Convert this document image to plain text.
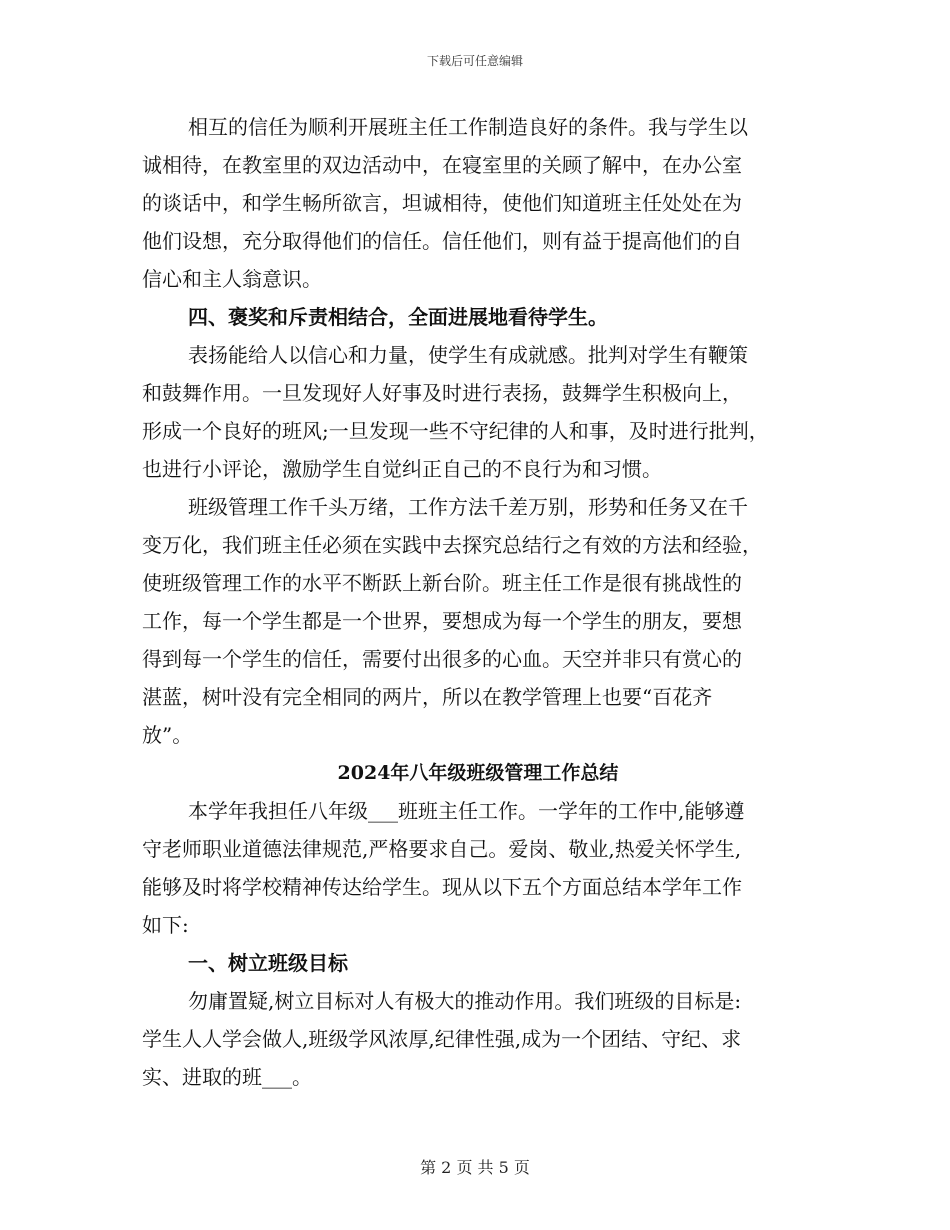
下载后可任意编辑
相互的信任为顺利开展班主任工作制造良好的条件。我与学生以
诚相待，在教室里的双边活动中，在寝室里的关顾了解中，在办公室
的谈话中，和学生畅所欲言，坦诚相待，使他们知道班主任处处在为
他们设想，充分取得他们的信任。信任他们，则有益于提高他们的自
信心和主人翁意识。
四、褒奖和斥责相结合，全面进展地看待学生。
表扬能给人以信心和力量，使学生有成就感。批判对学生有鞭策
和鼓舞作用。一旦发现好人好事及时进行表扬，鼓舞学生积极向上，
形成一个良好的班风;一旦发现一些不守纪律的人和事，及时进行批判，
也进行小评论，激励学生自觉纠正自己的不良行为和习惯。
班级管理工作千头万绪，工作方法千差万别，形势和任务又在千
变万化，我们班主任必须在实践中去探究总结行之有效的方法和经验，
使班级管理工作的水平不断跃上新台阶。班主任工作是很有挑战性的
工作，每一个学生都是一个世界，要想成为每一个学生的朋友，要想
得到每一个学生的信任，需要付出很多的心血。天空并非只有赏心的
湛蓝，树叶没有完全相同的两片，所以在教学管理上也要“百花齐
放”。
2024年八年级班级管理工作总结
本学年我担任八年级___班班主任工作。一学年的工作中,能够遵
守老师职业道德法律规范,严格要求自己。爱岗、敬业,热爱关怀学生,
能够及时将学校精神传达给学生。现从以下五个方面总结本学年工作
如下:
一、树立班级目标
勿庸置疑,树立目标对人有极大的推动作用。我们班级的目标是:
学生人人学会做人,班级学风浓厚,纪律性强,成为一个团结、守纪、求
实、进取的班___。
第 2 页 共 5 页
